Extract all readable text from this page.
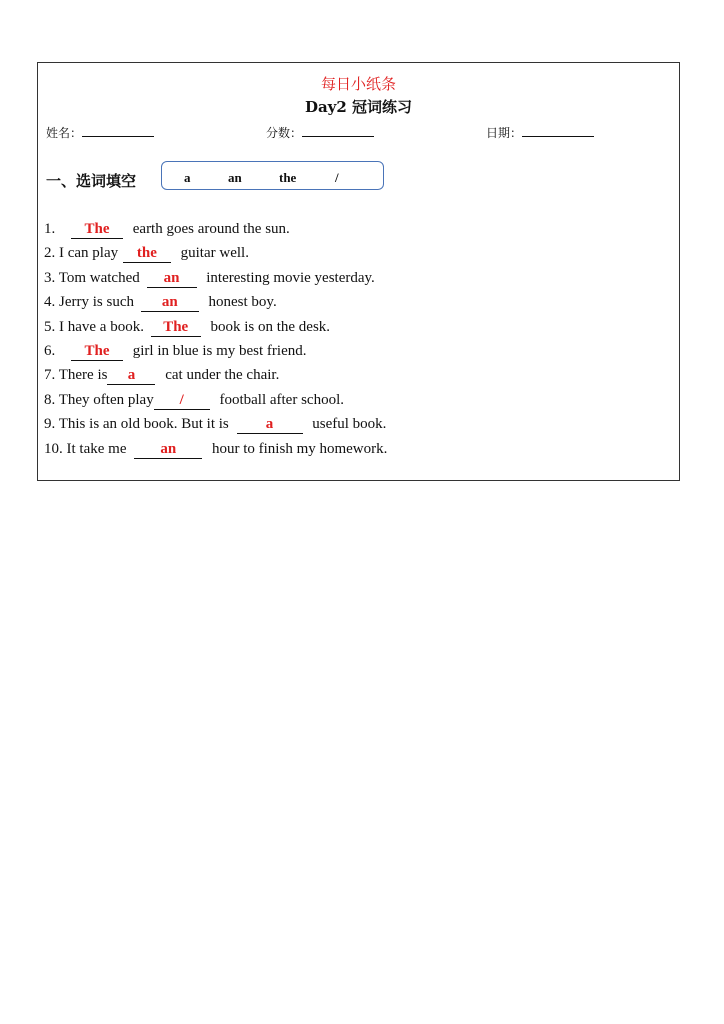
每日小纸条
Day2 冠词练习
姓名：	分数：	日期：
一、选词填空	a	an	the	/
1. The earth goes around the sun.
2. I can play the guitar well.
3. Tom watched an interesting movie yesterday.
4. Jerry is such an honest boy.
5. I have a book. The book is on the desk.
6. The girl in blue is my best friend.
7. There is a cat under the chair.
8. They often play / football after school.
9. This is an old book. But it is a useful book.
10. It take me an hour to finish my homework.
